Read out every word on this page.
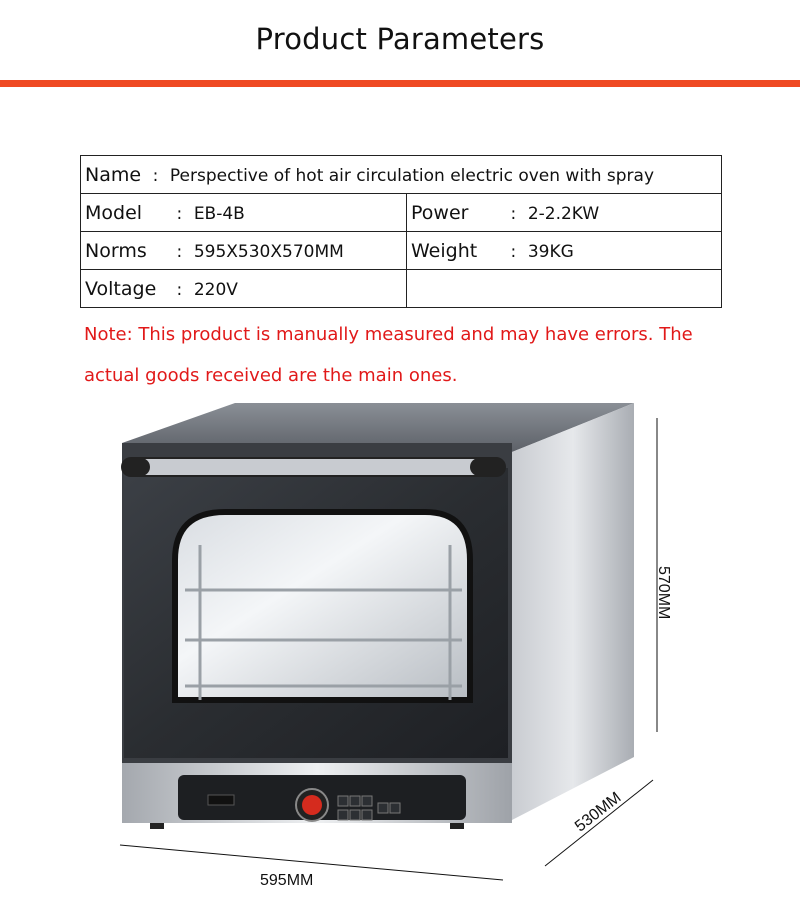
Product Parameters
Name : Perspective of hot air circulation electric oven with spray	
Model : EB-4B	Power : 2-2.2KW
Norms : 595X530X570MM	Weight : 39KG
Voltage : 220V	
Note: This product is manually measured and may have errors. The
actual goods received are the main ones.
595MM
530MM
570MM
